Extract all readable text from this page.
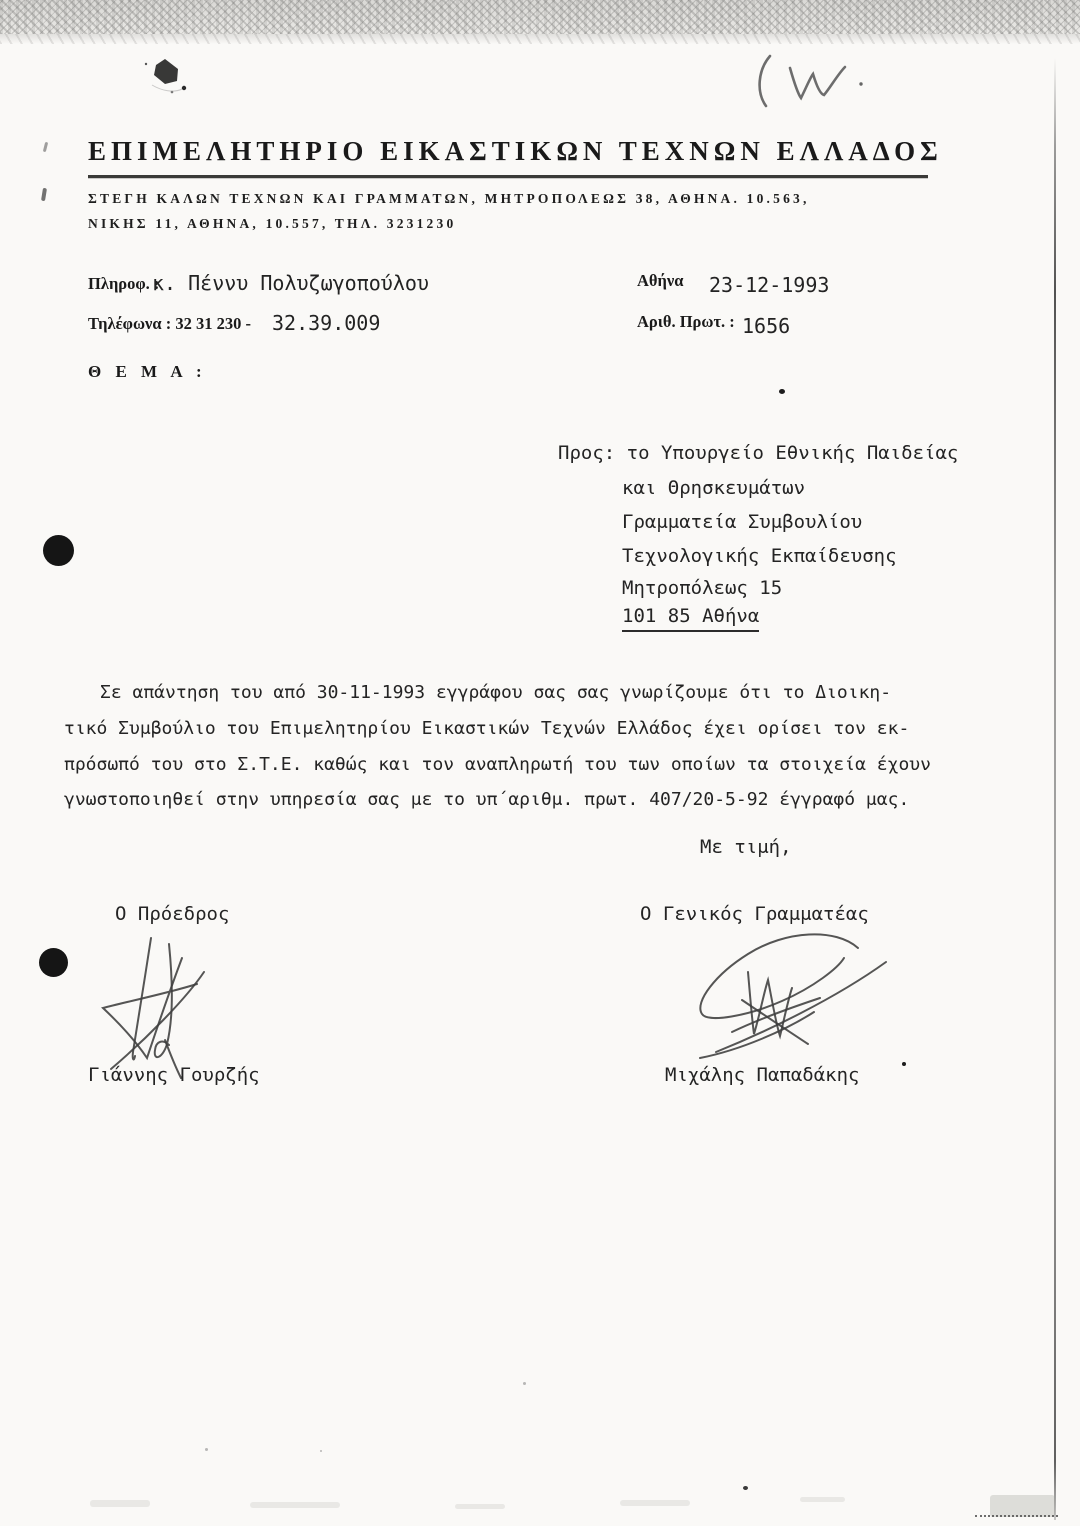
ΕΠΙΜΕΛΗΤΗΡΙΟ ΕΙΚΑΣΤΙΚΩΝ ΤΕΧΝΩΝ ΕΛΛΑΔΟΣ
ΣΤΕΓΗ ΚΑΛΩΝ ΤΕΧΝΩΝ ΚΑΙ ΓΡΑΜΜΑΤΩΝ, ΜΗΤΡΟΠΟΛΕΩΣ 38, ΑΘΗΝΑ. 10.563,
ΝΙΚΗΣ 11, ΑΘΗΝΑ, 10.557, ΤΗΛ. 3231230
Πληροφ. :
κ. Πέννυ Πολυζωγοπούλου	Αθήνα 23-12-1993
Τηλέφωνα : 32 31 230 - 32.39.009	Αριθ. Πρωτ. : 1656
Θ Ε Μ Α :
Προς: το Υπουργείο Εθνικής Παιδείας
και Θρησκευμάτων
Γραμματεία Συμβουλίου
Τεχνολογικής Εκπαίδευσης
Μητροπόλεως 15
101 85 Αθήνα
Σε απάντηση του από 30-11-1993 εγγράφου σας σας γνωρίζουμε ότι το Διοικη-
τικό Συμβούλιο του Επιμελητηρίου Εικαστικών Τεχνών Ελλάδος έχει ορίσει τον εκ-
πρόσωπό του στο Σ.Τ.Ε. καθώς και τον αναπληρωτή του των οποίων τα στοιχεία έχουν
γνωστοποιηθεί στην υπηρεσία σας με το υπ΄αριθμ. πρωτ. 407/20-5-92 έγγραφό μας.
Με τιμή,
Ο Πρόεδρος	Ο Γενικός Γραμματέας
Γιάννης Γουρζής	Μιχάλης Παπαδάκης
